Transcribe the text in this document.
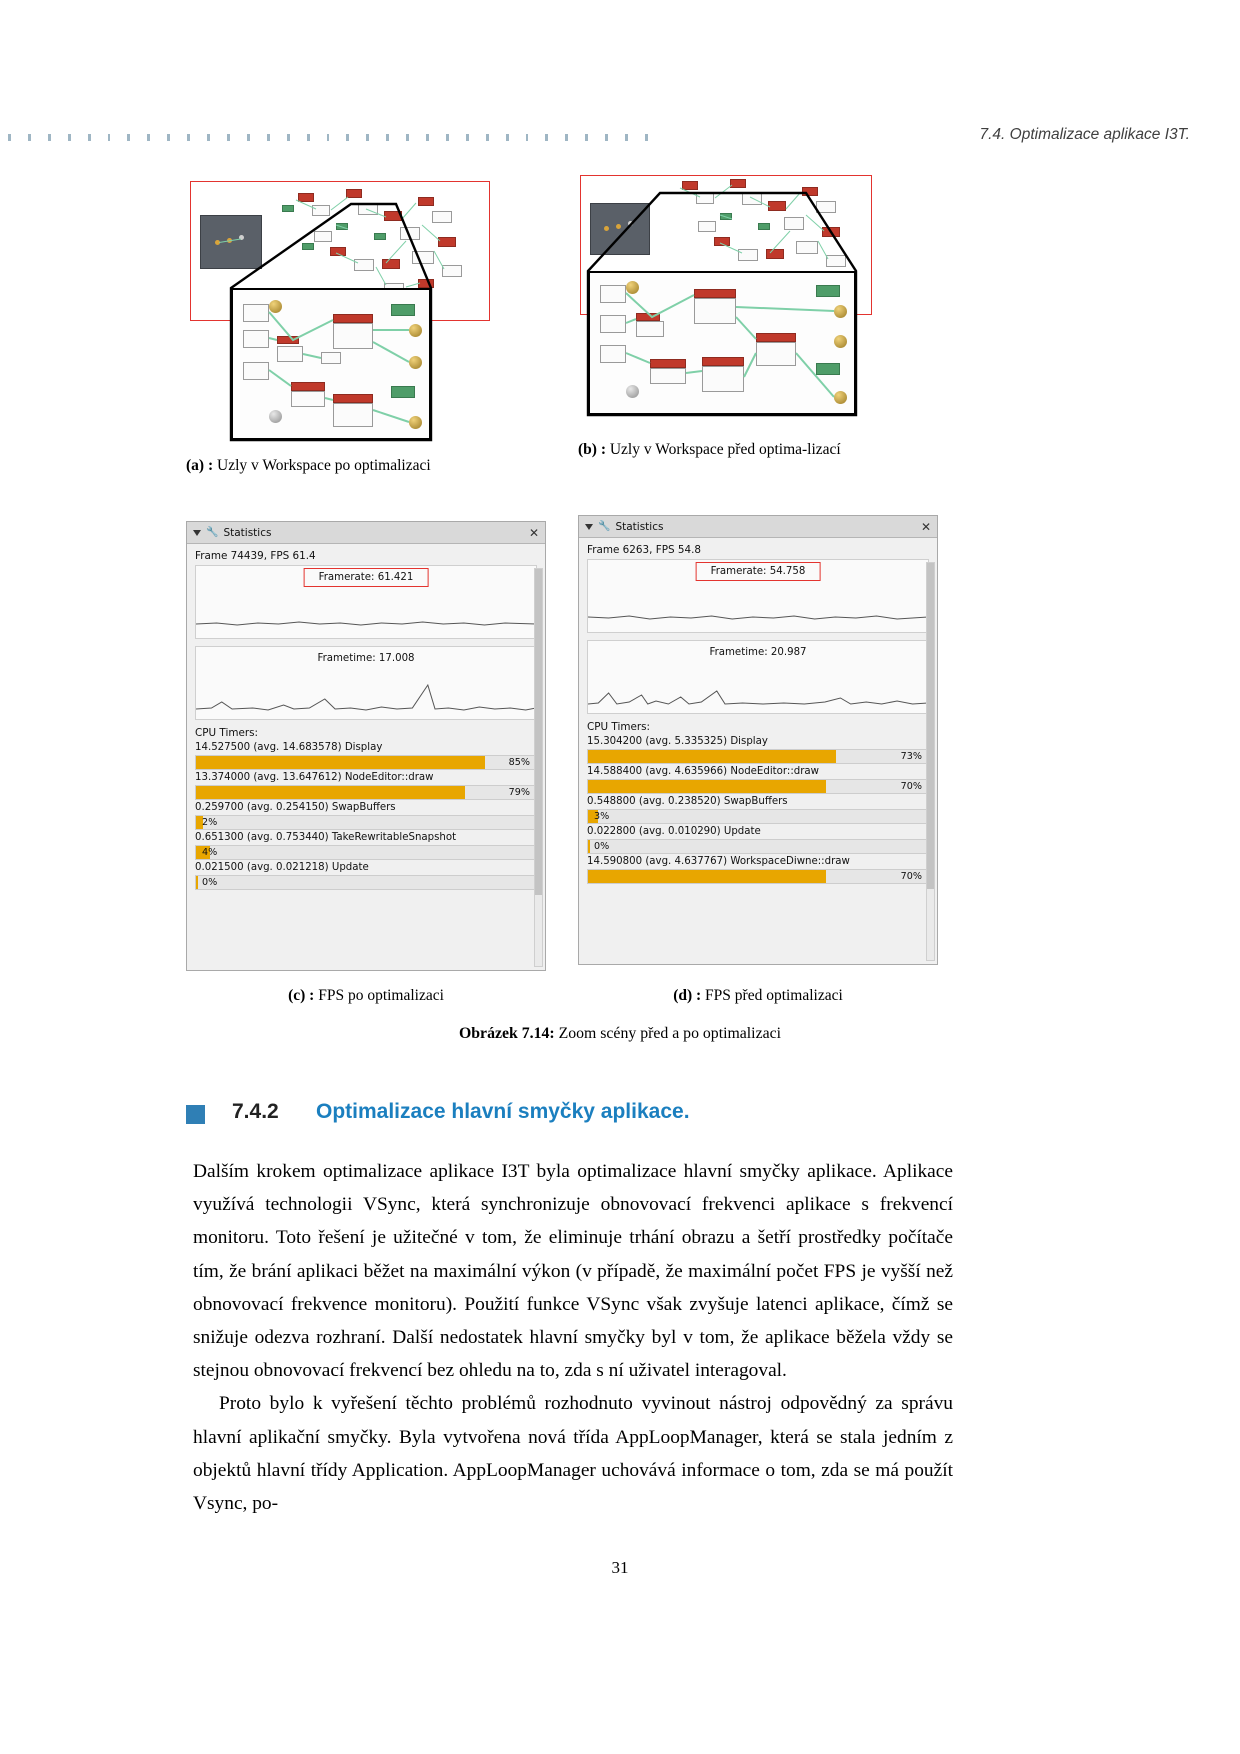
7.4. Optimalizace aplikace I3T.
(a) : Uzly v Workspace po optimalizaci
(b) : Uzly v Workspace před optima-lizací
🔧 Statistics	✕
Frame 74439, FPS 61.4
Framerate: 61.421
Frametime: 17.008
CPU Timers:
14.527500 (avg. 14.683578) Display
85%
13.374000 (avg. 13.647612) NodeEditor::draw
79%
0.259700 (avg. 0.254150) SwapBuffers
2%
0.651300 (avg. 0.753440) TakeRewritableSnapshot
4%
0.021500 (avg. 0.021218) Update
0%
🔧 Statistics	✕
Frame 6263, FPS 54.8
Framerate: 54.758
Frametime: 20.987
CPU Timers:
15.304200 (avg. 5.335325) Display
73%
14.588400 (avg. 4.635966) NodeEditor::draw
70%
0.548800 (avg. 0.238520) SwapBuffers
3%
0.022800 (avg. 0.010290) Update
0%
14.590800 (avg. 4.637767) WorkspaceDiwne::draw
70%
(c) : FPS po optimalizaci	(d) : FPS před optimalizaci
Obrázek 7.14: Zoom scény před a po optimalizaci
7.4.2 Optimalizace hlavní smyčky aplikace.

Dalším krokem optimalizace aplikace I3T byla optimalizace hlavní smyčky aplikace. Aplikace využívá technologii VSync, která synchronizuje obnovovací frekvenci aplikace s frekvencí monitoru. Toto řešení je užitečné v tom, že eliminuje trhání obrazu a šetří prostředky počítače tím, že brání aplikaci běžet na maximální výkon (v případě, že maximální počet FPS je vyšší než obnovovací frekvence monitoru). Použití funkce VSync však zvyšuje latenci aplikace, čímž se snižuje odezva rozhraní. Další nedostatek hlavní smyčky byl v tom, že aplikace běžela vždy se stejnou obnovovací frekvencí bez ohledu na to, zda s ní uživatel interagoval.

Proto bylo k vyřešení těchto problémů rozhodnuto vyvinout nástroj odpovědný za správu hlavní aplikační smyčky. Byla vytvořena nová třída AppLoopManager, která se stala jedním z objektů hlavní třídy Application. AppLoopManager uchovává informace o tom, zda se má použít Vsync, po-

31
